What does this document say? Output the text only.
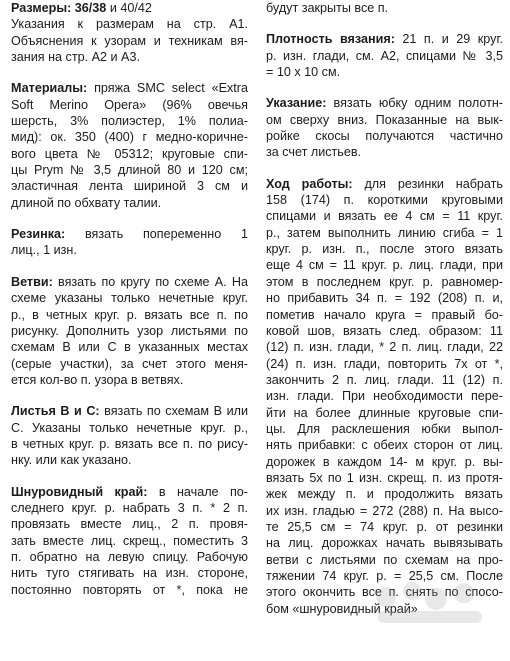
Размеры: 36/38 и 40/42
Указания к размерам на стр. А1.
Объяснения к узорам и техникам вя-
зания на стр. А2 и А3.
Материалы: пряжа SMC select «Extra
Soft Merino Opera» (96% овечья
шерсть, 3% полиэстер, 1% полиа-
мид): ок. 350 (400) г медно-коричне-
вого цвета № 05312; круговые спи-
цы Prym № 3,5 длиной 80 и 120 см;
эластичная лента шириной 3 см и
длиной по обхвату талии.
Резинка: вязать попеременно 1
лиц., 1 изн.
Ветви: вязать по кругу по схеме А. На
схеме указаны только нечетные круг.
р., в четных круг. р. вязать все п. по
рисунку. Дополнить узор листьями по
схемам В или С в указанных местах
(серые участки), за счет этого меня-
ется кол-во п. узора в ветвях.
Листья В и С: вязать по схемам В или
С. Указаны только нечетные круг. р.,
в четных круг. р. вязать все п. по рису-
нку. или как указано.
Шнуровидный край: в начале по-
следнего круг. р. набрать 3 п. * 2 п.
провязать вместе лиц., 2 п. провя-
зать вместе лиц. скрещ., поместить 3
п. обратно на левую спицу. Рабочую
нить туго стягивать на изн. стороне,
постоянно повторять от *, пока не
будут закрыты все п.
Плотность вязания: 21 п. и 29 круг.
р. изн. глади, см. А2, спицами № 3,5
= 10 х 10 см.
Указание: вязать юбку одним полотн-
ом сверху вниз. Показанные на вык-
ройке скосы получаются частично
за счет листьев.
Ход работы: для резинки набрать
158 (174) п. короткими круговыми
спицами и вязать ее 4 см = 11 круг.
р., затем выполнить линию сгиба = 1
круг. р. изн. п., после этого вязать
еще 4 см = 11 круг. р. лиц. глади, при
этом в последнем круг. р. равномер-
но прибавить 34 п. = 192 (208) п. и,
пометив начало круга = правый бо-
ковой шов, вязать след. образом: 11
(12) п. изн. глади, * 2 п. лиц. глади, 22
(24) п. изн. глади, повторить 7х от *,
закончить 2 п. лиц. глади. 11 (12) п.
изн. глади. При необходимости пере-
йти на более длинные круговые спи-
цы. Для расклешения юбки выпол-
нять прибавки: с обеих сторон от лиц.
дорожек в каждом 14- м круг. р. вы-
вязать 5х по 1 изн. скрещ. п. из протя-
жек между п. и продолжить вязать
их изн. гладью = 272 (288) п. На высо-
те 25,5 см = 74 круг. р. от резинки
на лиц. дорожках начать вывязывать
ветви с листьями по схемам на про-
тяжении 74 круг. р. = 25,5 см. После
этого окончить все п. снять по спосо-
бом «шнуровидный край»
